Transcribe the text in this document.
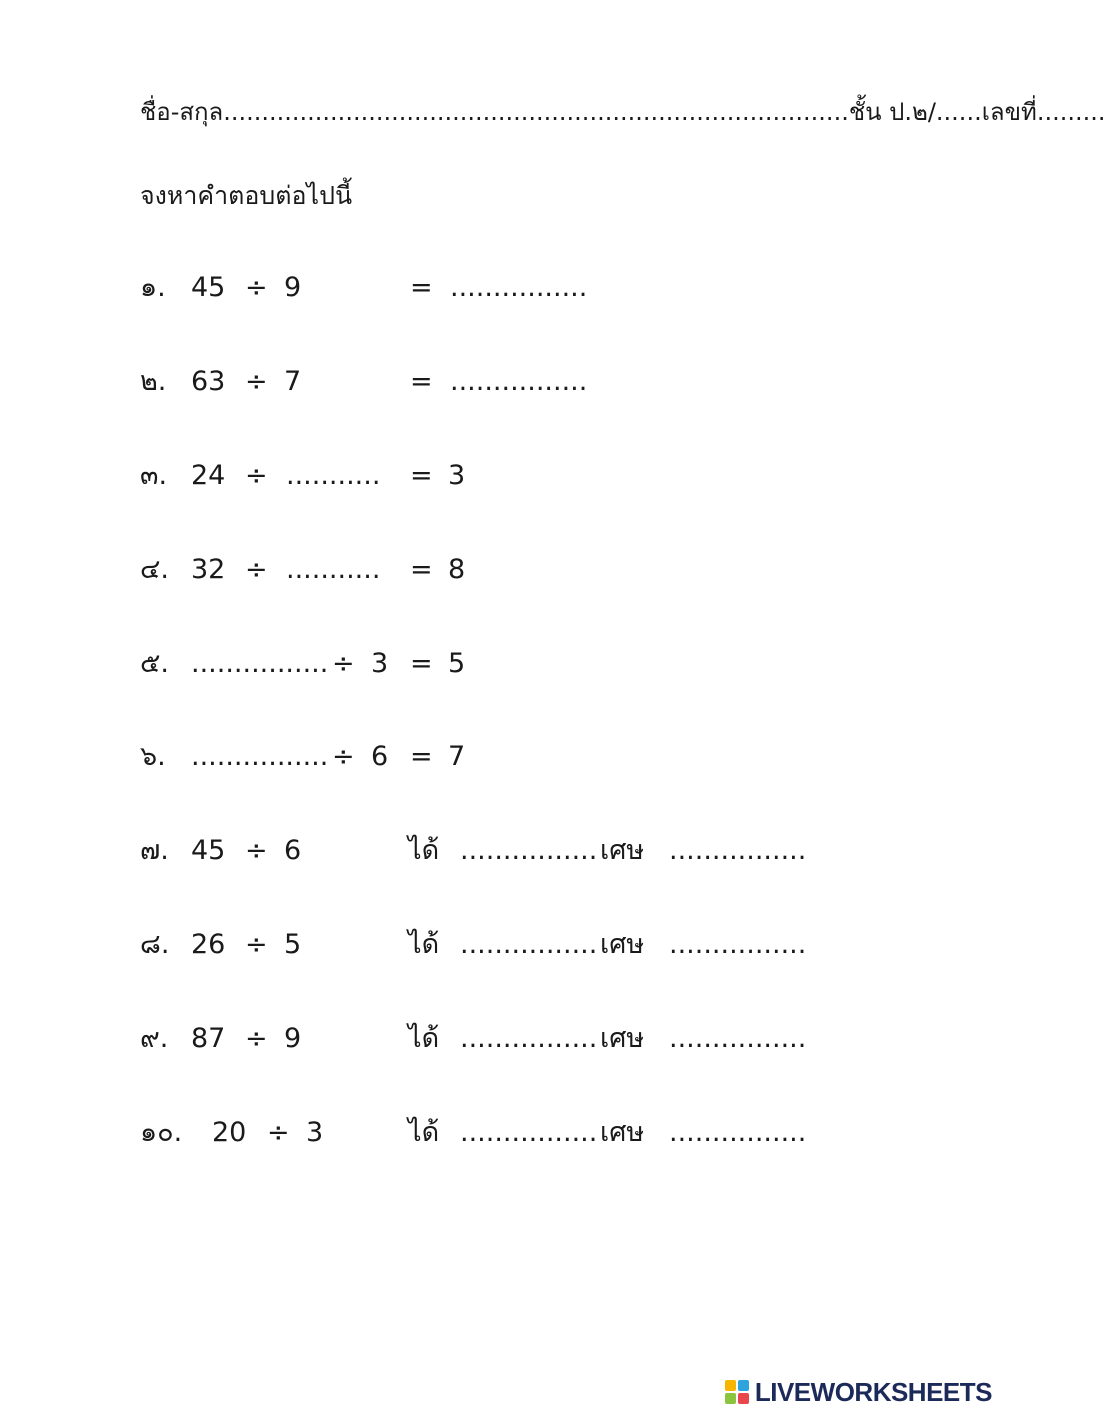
ชื่อ-สกุล..................................................................................ชั้น ป.๒/......เลขที่.........
จงหาคำตอบต่อไปนี้
๑. 45 ÷ 9	= ................
๒. 63 ÷ 7	= ................
๓. 24 ÷ ........... = 3
๔. 32 ÷ ........... = 8
๕. ................ ÷ 3 = 5
๖. ................ ÷ 6 = 7
๗. 45 ÷ 6	ได้ ................ เศษ ................
๘. 26 ÷ 5	ได้ ................ เศษ ................
๙. 87 ÷ 9	ได้ ................ เศษ ................
๑๐. 20 ÷ 3	ได้ ................ เศษ ................
LIVEWORKSHEETS
